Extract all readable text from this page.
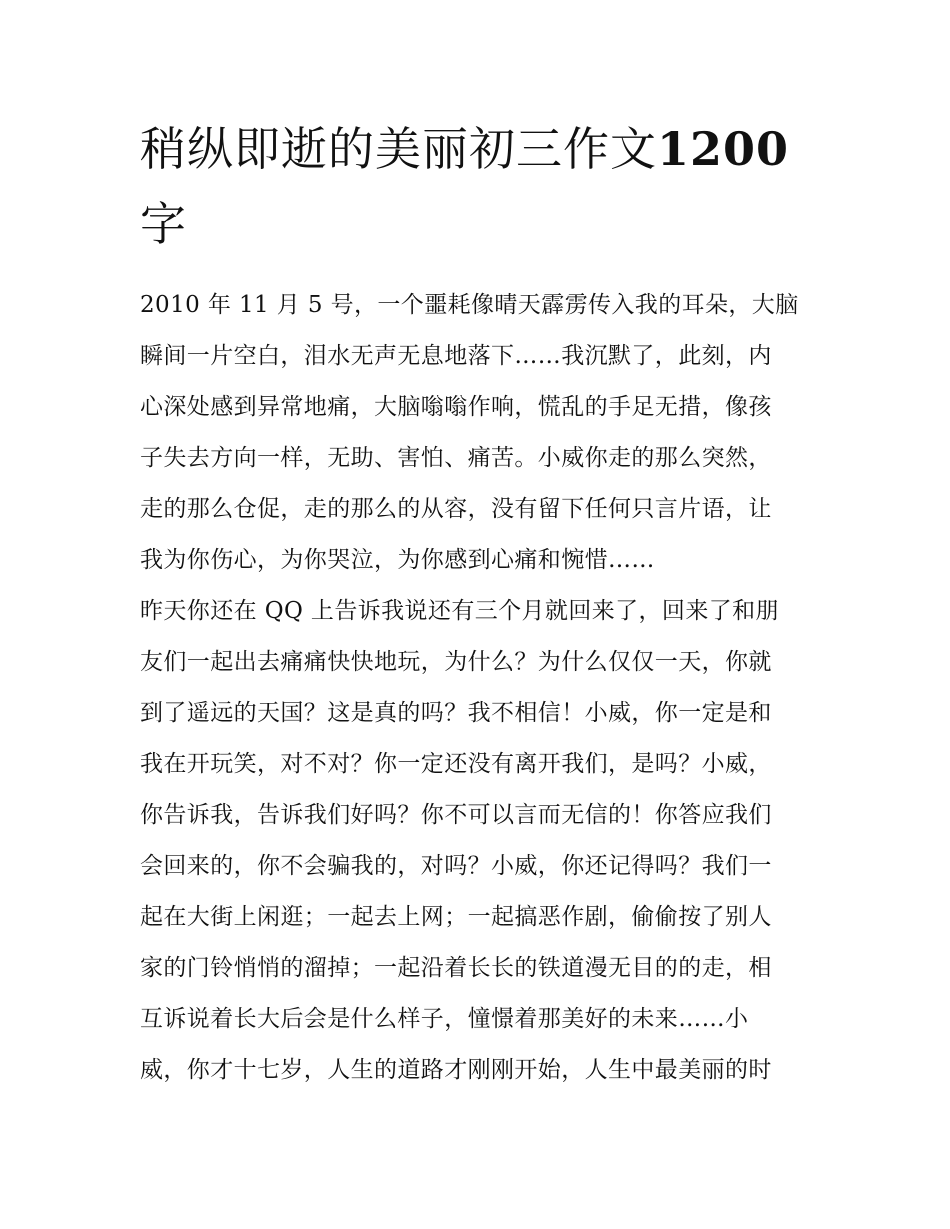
稍纵即逝的美丽初三作文1200
字
2010 年 11 月 5 号，一个噩耗像晴天霹雳传入我的耳朵，大脑
瞬间一片空白，泪水无声无息地落下……我沉默了，此刻，内
心深处感到异常地痛，大脑嗡嗡作响，慌乱的手足无措，像孩
子失去方向一样，无助、害怕、痛苦。小威你走的那么突然，
走的那么仓促，走的那么的从容，没有留下任何只言片语，让
我为你伤心，为你哭泣，为你感到心痛和惋惜……
昨天你还在 QQ 上告诉我说还有三个月就回来了，回来了和朋
友们一起出去痛痛快快地玩，为什么？为什么仅仅一天，你就
到了遥远的天国？这是真的吗？我不相信！小威，你一定是和
我在开玩笑，对不对？你一定还没有离开我们，是吗？小威，
你告诉我，告诉我们好吗？你不可以言而无信的！你答应我们
会回来的，你不会骗我的，对吗？小威，你还记得吗？我们一
起在大街上闲逛；一起去上网；一起搞恶作剧，偷偷按了别人
家的门铃悄悄的溜掉；一起沿着长长的铁道漫无目的的走，相
互诉说着长大后会是什么样子，憧憬着那美好的未来……小
威，你才十七岁，人生的道路才刚刚开始，人生中最美丽的时
